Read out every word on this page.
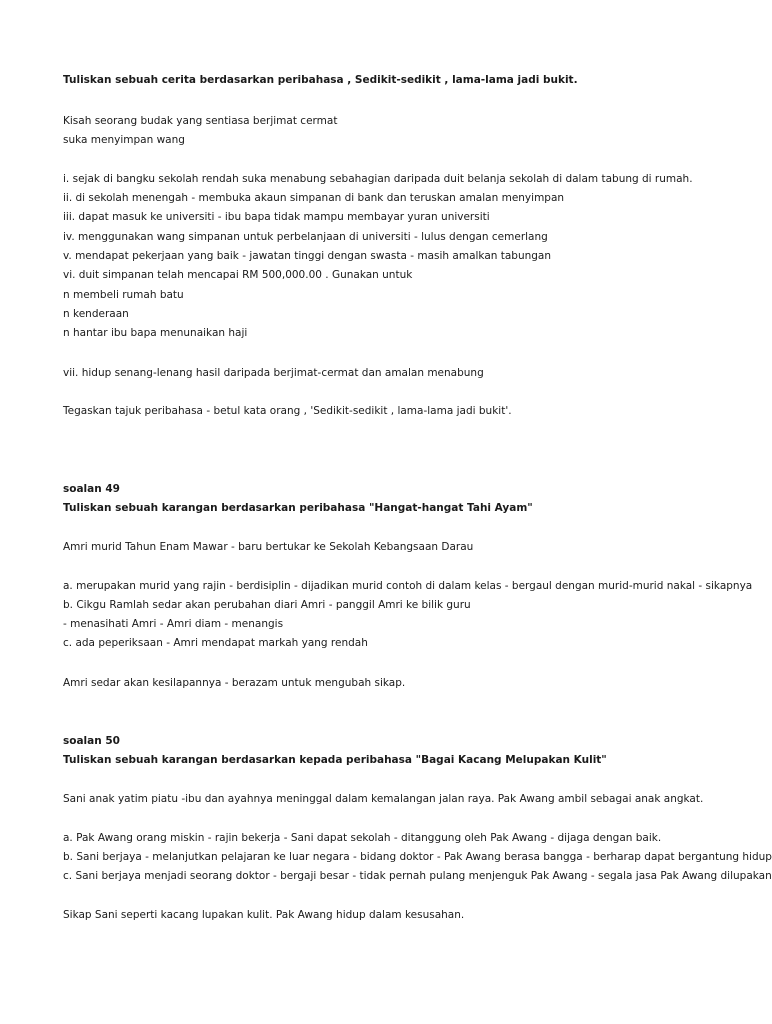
Tuliskan sebuah cerita berdasarkan peribahasa , Sedikit-sedikit , lama-lama jadi bukit.
Kisah seorang budak yang sentiasa berjimat cermat
suka menyimpan wang
i. sejak di bangku sekolah rendah suka menabung sebahagian daripada duit belanja sekolah di dalam tabung di rumah.
ii. di sekolah menengah - membuka akaun simpanan di bank dan teruskan amalan menyimpan
iii. dapat masuk ke universiti - ibu bapa tidak mampu membayar yuran universiti
iv. menggunakan wang simpanan untuk perbelanjaan di universiti - lulus dengan cemerlang
v. mendapat pekerjaan yang baik - jawatan tinggi dengan swasta - masih amalkan tabungan
vi. duit simpanan telah mencapai RM 500,000.00 . Gunakan untuk
n membeli rumah batu
n kenderaan
n hantar ibu bapa menunaikan haji
vii. hidup senang-lenang hasil daripada berjimat-cermat dan amalan menabung
Tegaskan tajuk peribahasa - betul kata orang , 'Sedikit-sedikit , lama-lama jadi bukit'.
soalan 49
Tuliskan sebuah karangan berdasarkan peribahasa "Hangat-hangat Tahi Ayam"
Amri murid Tahun Enam Mawar - baru bertukar ke Sekolah Kebangsaan Darau
a. merupakan murid yang rajin - berdisiplin - dijadikan murid contoh di dalam kelas - bergaul dengan murid-murid nakal - sikapnya
b. Cikgu Ramlah sedar akan perubahan diari Amri - panggil Amri ke bilik guru
- menasihati Amri - Amri diam - menangis
c. ada peperiksaan - Amri mendapat markah yang rendah
Amri sedar akan kesilapannya - berazam untuk mengubah sikap.
soalan 50
Tuliskan sebuah karangan berdasarkan kepada peribahasa "Bagai Kacang Melupakan Kulit"
Sani anak yatim piatu -ibu dan ayahnya meninggal dalam kemalangan jalan raya. Pak Awang ambil sebagai anak angkat.
a. Pak Awang orang miskin - rajin bekerja - Sani dapat sekolah - ditanggung oleh Pak Awang - dijaga dengan baik.
b. Sani berjaya - melanjutkan pelajaran ke luar negara - bidang doktor - Pak Awang berasa bangga - berharap dapat bergantung hidup
c. Sani berjaya menjadi seorang doktor - bergaji besar - tidak pernah pulang menjenguk Pak Awang - segala jasa Pak Awang dilupakan
Sikap Sani seperti kacang lupakan kulit. Pak Awang hidup dalam kesusahan.
